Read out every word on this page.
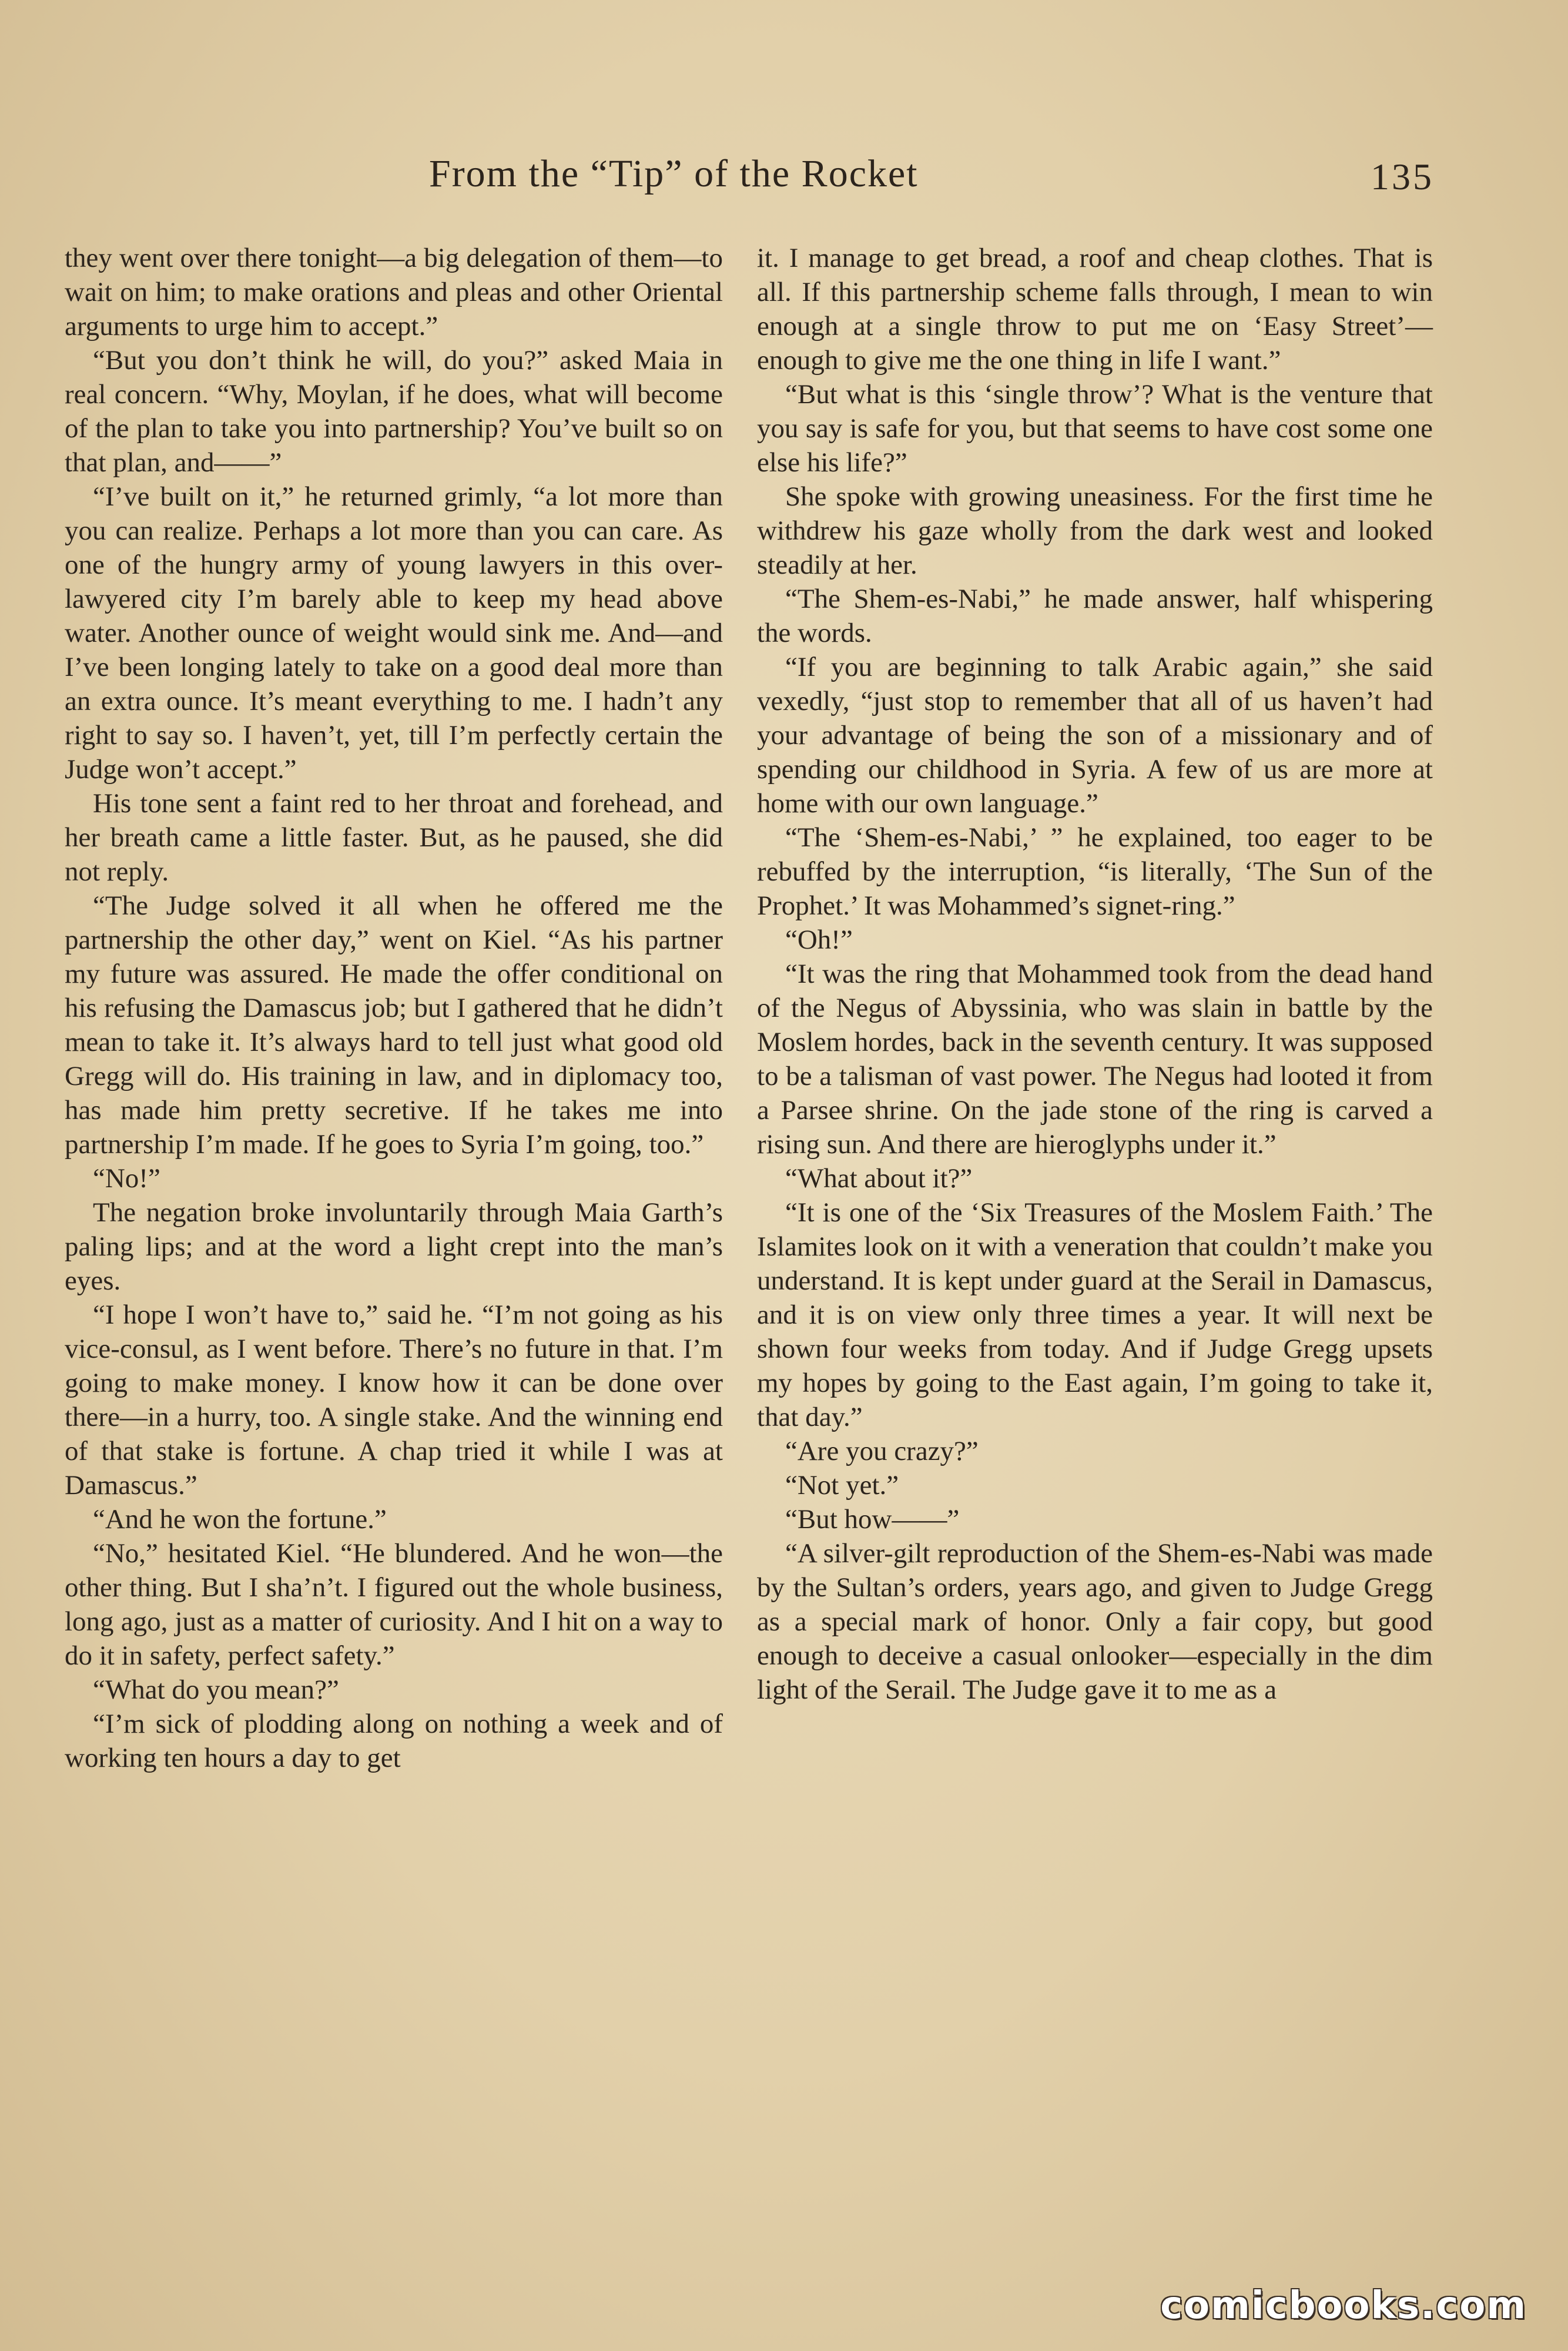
From the “Tip” of the Rocket	135

they went over there tonight—a big delegation of them—to wait on him; to make orations and pleas and other Oriental arguments to urge him to accept.”

“But you don’t think he will, do you?” asked Maia in real concern. “Why, Moylan, if he does, what will become of the plan to take you into partnership? You’ve built so on that plan, and——”

“I’ve built on it,” he returned grimly, “a lot more than you can realize. Perhaps a lot more than you can care. As one of the hungry army of young lawyers in this over-lawyered city I’m barely able to keep my head above water. Another ounce of weight would sink me. And—and I’ve been longing lately to take on a good deal more than an extra ounce. It’s meant everything to me. I hadn’t any right to say so. I haven’t, yet, till I’m perfectly certain the Judge won’t accept.”

His tone sent a faint red to her throat and forehead, and her breath came a little faster. But, as he paused, she did not reply.

“The Judge solved it all when he offered me the partnership the other day,” went on Kiel. “As his partner my future was assured. He made the offer conditional on his refusing the Damascus job; but I gathered that he didn’t mean to take it. It’s always hard to tell just what good old Gregg will do. His training in law, and in diplomacy too, has made him pretty secretive. If he takes me into partnership I’m made. If he goes to Syria I’m going, too.”

“No!”

The negation broke involuntarily through Maia Garth’s paling lips; and at the word a light crept into the man’s eyes.

“I hope I won’t have to,” said he. “I’m not going as his vice-consul, as I went before. There’s no future in that. I’m going to make money. I know how it can be done over there—in a hurry, too. A single stake. And the winning end of that stake is fortune. A chap tried it while I was at Damascus.”

“And he won the fortune.”

“No,” hesitated Kiel. “He blundered. And he won—the other thing. But I sha’n’t. I figured out the whole business, long ago, just as a matter of curiosity. And I hit on a way to do it in safety, perfect safety.”

“What do you mean?”

“I’m sick of plodding along on nothing a week and of working ten hours a day to get

it. I manage to get bread, a roof and cheap clothes. That is all. If this partnership scheme falls through, I mean to win enough at a single throw to put me on ‘Easy Street’—enough to give me the one thing in life I want.”

“But what is this ‘single throw’? What is the venture that you say is safe for you, but that seems to have cost some one else his life?”

She spoke with growing uneasiness. For the first time he withdrew his gaze wholly from the dark west and looked steadily at her.

“The Shem-es-Nabi,” he made answer, half whispering the words.

“If you are beginning to talk Arabic again,” she said vexedly, “just stop to remember that all of us haven’t had your advantage of being the son of a missionary and of spending our childhood in Syria. A few of us are more at home with our own language.”

“The ‘Shem-es-Nabi,’ ” he explained, too eager to be rebuffed by the interruption, “is literally, ‘The Sun of the Prophet.’ It was Mohammed’s signet-ring.”

“Oh!”

“It was the ring that Mohammed took from the dead hand of the Negus of Abyssinia, who was slain in battle by the Moslem hordes, back in the seventh century. It was supposed to be a talisman of vast power. The Negus had looted it from a Parsee shrine. On the jade stone of the ring is carved a rising sun. And there are hieroglyphs under it.”

“What about it?”

“It is one of the ‘Six Treasures of the Moslem Faith.’ The Islamites look on it with a veneration that couldn’t make you understand. It is kept under guard at the Serail in Damascus, and it is on view only three times a year. It will next be shown four weeks from today. And if Judge Gregg upsets my hopes by going to the East again, I’m going to take it, that day.”

“Are you crazy?”

“Not yet.”

“But how——”

“A silver-gilt reproduction of the Shem-es-Nabi was made by the Sultan’s orders, years ago, and given to Judge Gregg as a special mark of honor. Only a fair copy, but good enough to deceive a casual onlooker—especially in the dim light of the Serail. The Judge gave it to me as a

comicbooks.com
